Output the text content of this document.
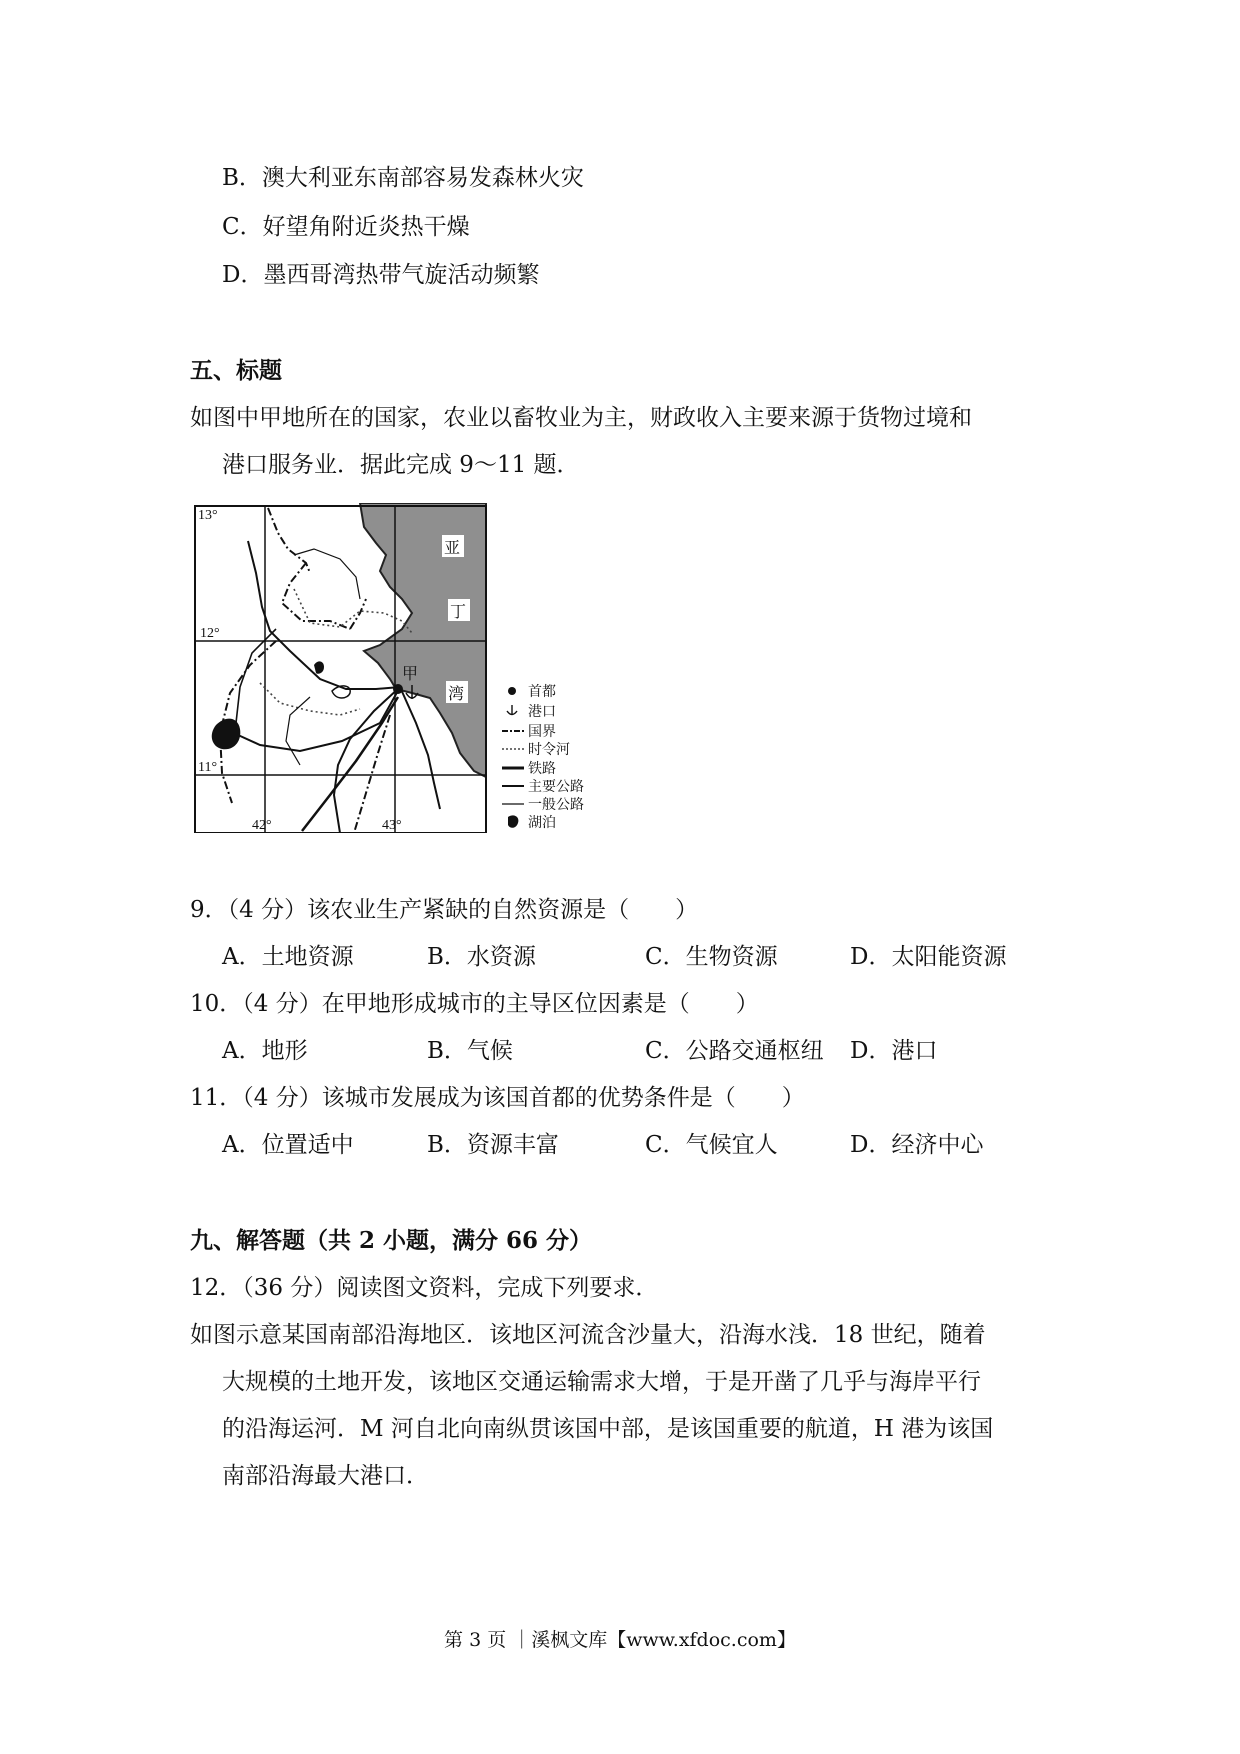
B．澳大利亚东南部容易发森林火灾
C．好望角附近炎热干燥
D．墨西哥湾热带气旋活动频繁
五、标题
如图中甲地所在的国家，农业以畜牧业为主，财政收入主要来源于货物过境和
港口服务业．据此完成 9～11 题．
13°
12°
11°
42°	43°
甲
亚
丁
湾	首都
港口
国界
时令河
铁路
主要公路
一般公路
湖泊
9．（4 分）该农业生产紧缺的自然资源是（　　）
A．土地资源	B．水资源	C．生物资源	D．太阳能资源
10．（4 分）在甲地形成城市的主导区位因素是（　　）
A．地形	B．气候	C．公路交通枢纽 D．港口
11．（4 分）该城市发展成为该国首都的优势条件是（　　）
A．位置适中	B．资源丰富	C．气候宜人	D．经济中心
九、解答题（共 2 小题，满分 66 分）
12．（36 分）阅读图文资料，完成下列要求．
如图示意某国南部沿海地区．该地区河流含沙量大，沿海水浅．18 世纪，随着
大规模的土地开发，该地区交通运输需求大增，于是开凿了几乎与海岸平行
的沿海运河．M 河自北向南纵贯该国中部，是该国重要的航道，H 港为该国
南部沿海最大港口．
第 3 页 ｜溪枫文库【www.xfdoc.com】
